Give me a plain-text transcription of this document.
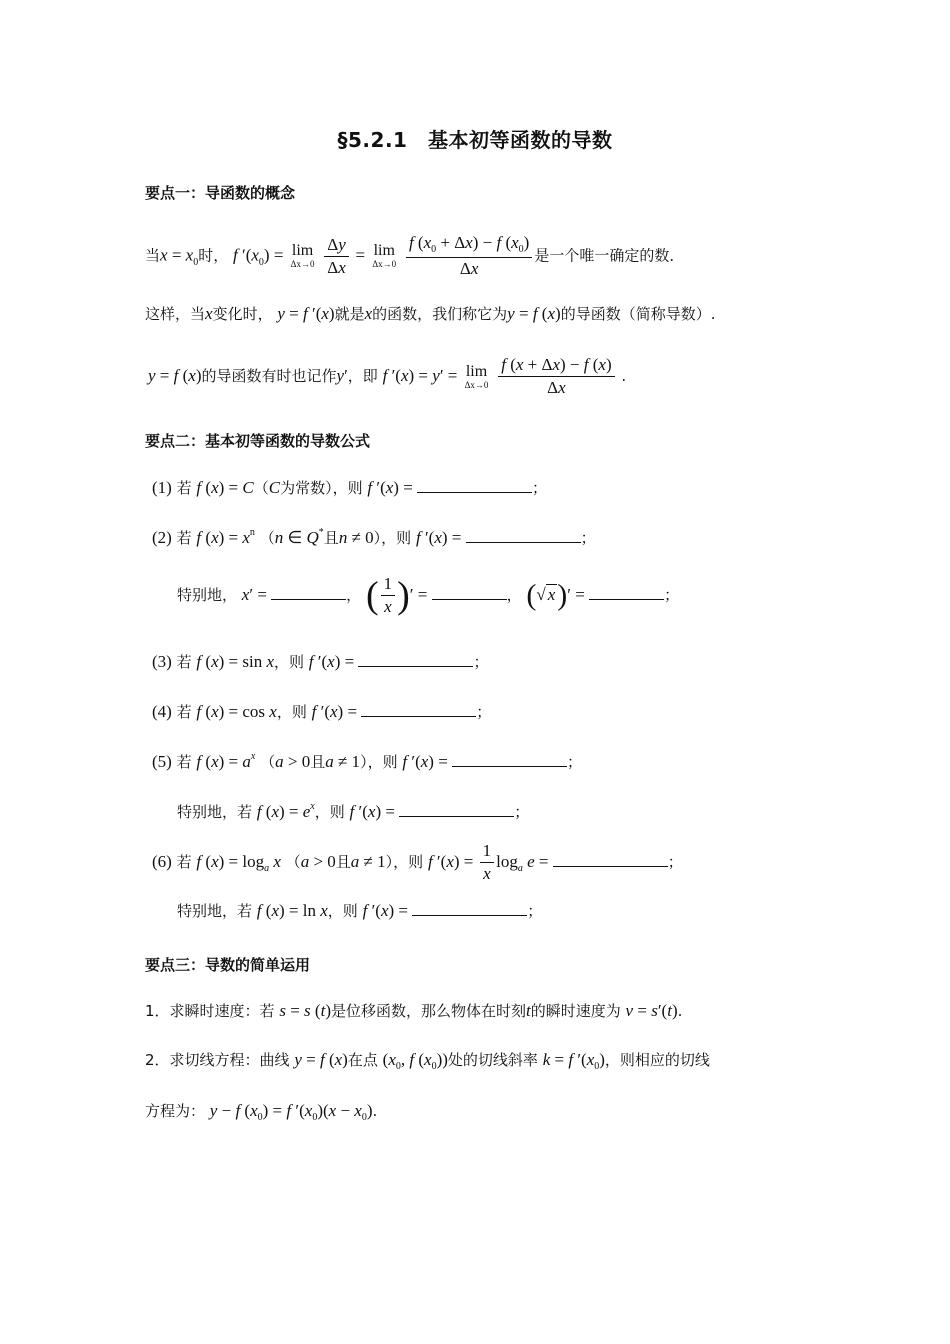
§5.2.1　基本初等函数的导数
要点一：导函数的概念
当$x = x_0$时， f $'(x_0) = \lim$
Δx→0
$\frac{\Delta y}{\Delta x} = \lim$
Δx→0
$\frac{f (x_0 + \Delta x) - f (x_0)}{\Delta x}$ 是一个唯一确定的数．
这样，当x变化时， y = f ′(x)就是x的函数，我们称它为y = f (x)的导函数（简称导数）.
y = f (x)的导函数有时也记作y′，即 f ′(x) = y′ = lim
Δx→0
$\frac{f (x + \Delta x) - f (x)}{\Delta x}$ .
要点二：基本初等函数的导数公式
(1) 若 f (x) = C（C为常数），则 f ′(x) =	；
(2) 若 f $(x) = x^n$ （n ∈ Q*且n ≠ 0），则 f ′(x) =	；
特别地， x′ =	， ( $\frac{1}{x}$ )′ =	， (√ x)′ =	；
(3) 若 f (x) = sin x，则 f ′(x) =	；
(4) 若 f (x) = cos x，则 f ′(x) =	；
(5) 若 f $(x) = a^x$ （a > 0且a ≠ 1），则 f ′(x) =	；
特别地，若 f $(x) = e^x$，则 f ′(x) =	；
(6) 若 f $(x) = \log_a x$ （a > 0且a ≠ 1），则 f $'(x) = \frac{1}{x} \log_a e$ =	；
特别地，若 f (x) = ln x，则 f ′(x) =	；
要点三：导数的简单运用
1．求瞬时速度：若 s = s (t)是位移函数，那么物体在时刻t的瞬时速度为 v = s′(t).
2．求切线方程：曲线 y = f (x)在点 ($x_0$, f $(x_0)$)处的切线斜率 k = f $'(x_0)$，则相应的切线
方程为： y − f $(x_0) = f$ $'(x_0)(x - x_0)$.
